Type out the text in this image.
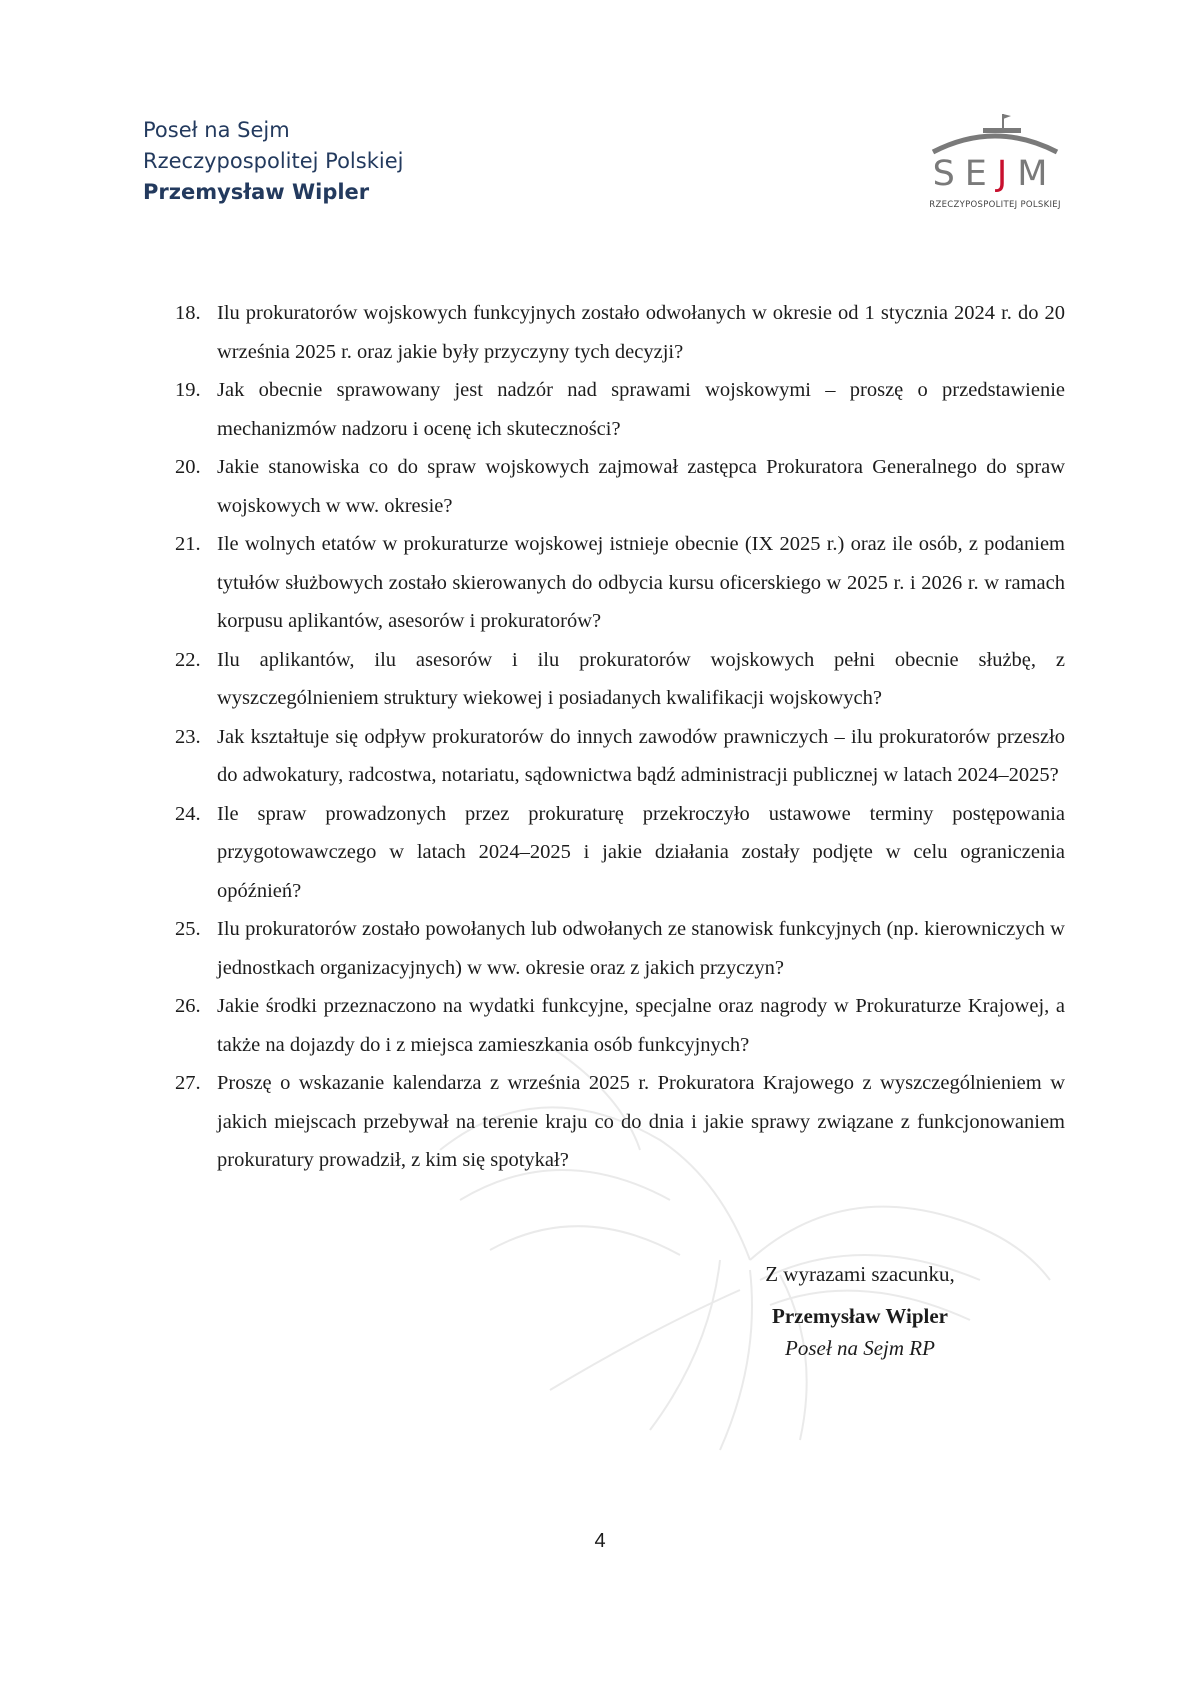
Poseł na Sejm
Rzeczypospolitej Polskiej
Przemysław Wipler	SEJM
RZECZYPOSPOLITEJ POLSKIEJ
18. Ilu prokuratorów wojskowych funkcyjnych zostało odwołanych w okresie od 1 stycznia 2024 r. do 20 września 2025 r. oraz jakie były przyczyny tych decyzji?
19. Jak obecnie sprawowany jest nadzór nad sprawami wojskowymi – proszę o przedstawienie mechanizmów nadzoru i ocenę ich skuteczności?
20. Jakie stanowiska co do spraw wojskowych zajmował zastępca Prokuratora Generalnego do spraw wojskowych w ww. okresie?
21. Ile wolnych etatów w prokuraturze wojskowej istnieje obecnie (IX 2025 r.) oraz ile osób, z podaniem tytułów służbowych zostało skierowanych do odbycia kursu oficerskiego w 2025 r. i 2026 r. w ramach korpusu aplikantów, asesorów i prokuratorów?
22. Ilu aplikantów, ilu asesorów i ilu prokuratorów wojskowych pełni obecnie służbę, z wyszczególnieniem struktury wiekowej i posiadanych kwalifikacji wojskowych?
23. Jak kształtuje się odpływ prokuratorów do innych zawodów prawniczych – ilu prokuratorów przeszło do adwokatury, radcostwa, notariatu, sądownictwa bądź administracji publicznej w latach 2024–2025?
24. Ile spraw prowadzonych przez prokuraturę przekroczyło ustawowe terminy postępowania przygotowawczego w latach 2024–2025 i jakie działania zostały podjęte w celu ograniczenia opóźnień?
25. Ilu prokuratorów zostało powołanych lub odwołanych ze stanowisk funkcyjnych (np. kierowniczych w jednostkach organizacyjnych) w ww. okresie oraz z jakich przyczyn?
26. Jakie środki przeznaczono na wydatki funkcyjne, specjalne oraz nagrody w Prokuraturze Krajowej, a także na dojazdy do i z miejsca zamieszkania osób funkcyjnych?
27. Proszę o wskazanie kalendarza z września 2025 r. Prokuratora Krajowego z wyszczególnieniem w jakich miejscach przebywał na terenie kraju co do dnia i jakie sprawy związane z funkcjonowaniem prokuratury prowadził, z kim się spotykał?
Z wyrazami szacunku,
Przemysław Wipler
Poseł na Sejm RP
4
